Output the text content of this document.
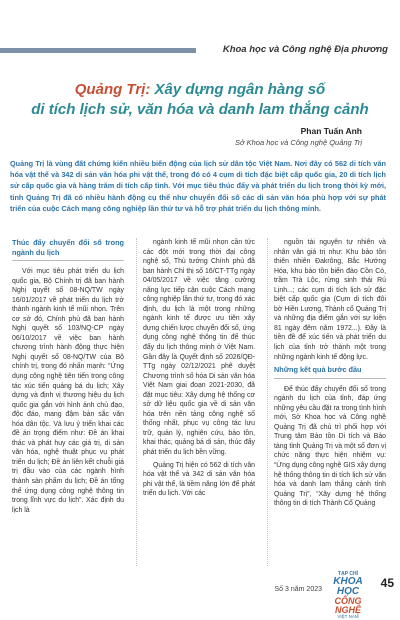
Khoa học và Công nghệ Địa phương
Quảng Trị: Xây dựng ngân hàng số
di tích lịch sử, văn hóa và danh lam thắng cảnh
Phan Tuấn Anh
Sở Khoa học và Công nghệ Quảng Trị
Quảng Trị là vùng đất chứng kiến nhiều biến động của lịch sử dân tộc Việt Nam. Nơi đây có 562 di tích văn hóa vật thể và 342 di sản văn hóa phi vật thể, trong đó có 4 cụm di tích đặc biệt cấp quốc gia, 20 di tích lịch sử cấp quốc gia và hàng trăm di tích cấp tỉnh. Với mục tiêu thúc đẩy và phát triển du lịch trong thời kỳ mới, tỉnh Quảng Trị đã có nhiều hành động cụ thể như chuyển đổi số các di sản văn hóa phù hợp với sự phát triển của cuộc Cách mạng công nghiệp lần thứ tư và hỗ trợ phát triển du lịch thông minh.
Thúc đẩy chuyển đổi số trong ngành du lịch

Với mục tiêu phát triển du lịch quốc gia, Bộ Chính trị đã ban hành Nghị quyết số 08-NQ/TW ngày 16/01/2017 về phát triển du lịch trở thành ngành kinh tế mũi nhọn. Trên cơ sở đó, Chính phủ đã ban hành Nghị quyết số 103/NQ-CP ngày 06/10/2017 về việc ban hành chương trình hành động thực hiện Nghị quyết số 08-NQ/TW của Bộ chính trị, trong đó nhấn mạnh: “Ứng dụng công nghệ tiên tiến trong công tác xúc tiến quảng bá du lịch; Xây dựng và định vị thương hiệu du lịch quốc gia gắn với hình ảnh chủ đạo, độc đáo, mang đậm bản sắc văn hóa dân tộc. Và lưu ý triển khai các đề án trọng điểm như: Đề án khai thác và phát huy các giá trị, di sản văn hóa, nghệ thuật phục vụ phát triển du lịch; Đề án liên kết chuỗi giá trị đầu vào của các ngành hình thành sản phẩm du lịch; Đề án tổng thể ứng dụng công nghệ thông tin trong lĩnh vực du lịch”. Xác định du lịch là

ngành kinh tế mũi nhọn cần tức các đột mới trong thời đại công nghệ số, Thủ tướng Chính phủ đã ban hành Chỉ thị số 16/CT-TTg ngày 04/05/2017 về việc tăng cường năng lực tiếp cận cuộc Cách mạng công nghiệp lần thứ tư, trong đó xác định, du lịch là một trong những ngành kinh tế được ưu tiên xây dựng chiến lược chuyển đổi số, ứng dụng công nghệ thông tin để thúc đẩy du lịch thông minh ở Việt Nam. Gần đây là Quyết định số 2026/QĐ-TTg ngày 02/12/2021 phê duyệt Chương trình số hóa Di sản văn hóa Việt Nam giai đoạn 2021-2030, đã đặt mục tiêu: Xây dựng hệ thống cơ sở dữ liệu quốc gia về di sản văn hóa trên nền tảng công nghệ số thống nhất, phục vụ công tác lưu trữ, quản lý, nghiên cứu, bảo tồn, khai thác, quảng bá di sản, thúc đẩy phát triển du lịch bền vững.

Quảng Trị hiện có 562 di tích văn hóa vật thể và 342 di sản văn hóa phi vật thể, là tiềm năng lớn để phát triển du lịch. Với các

nguồn tài nguyên tự nhiên và nhân văn giá trị như: Khu bảo tồn thiên nhiên Đakrông, Bắc Hướng Hóa, khu bảo tồn biển đảo Cồn Cỏ, trầm Trà Lộc, rừng sinh thái Rú Lịnh...; các cụm di tích lịch sử đặc biệt cấp quốc gia (Cụm di tích đôi bờ Hiền Lương, Thành cổ Quảng Trị và những địa điểm gắn với sự kiện 81 ngày đêm năm 1972...). Đây là tiền đề để xúc tiến và phát triển du lịch của tỉnh trở thành một trong những ngành kinh tế động lực.

Những kết quả bước đầu

Để thúc đẩy chuyển đổi số trong ngành du lịch của tỉnh, đáp ứng những yêu cầu đặt ra trong tình hình mới, Sở Khoa học và Công nghệ Quảng Trị đã chủ trì phối hợp với Trung tâm Bảo tồn Di tích và Bảo tàng tỉnh Quảng Trị và một số đơn vị chức năng thực hiện nhiệm vụ: “Ứng dụng công nghệ GIS xây dựng hệ thống thông tin di tích lịch sử văn hóa và danh lam thắng cảnh tỉnh Quảng Trị”, “Xây dựng hệ thống thông tin di tích Thành Cổ Quảng

Số 3 năm 2023
TẠP CHÍ
KHOA HỌC
CÔNG NGHỆ
VIỆT NAM
45
